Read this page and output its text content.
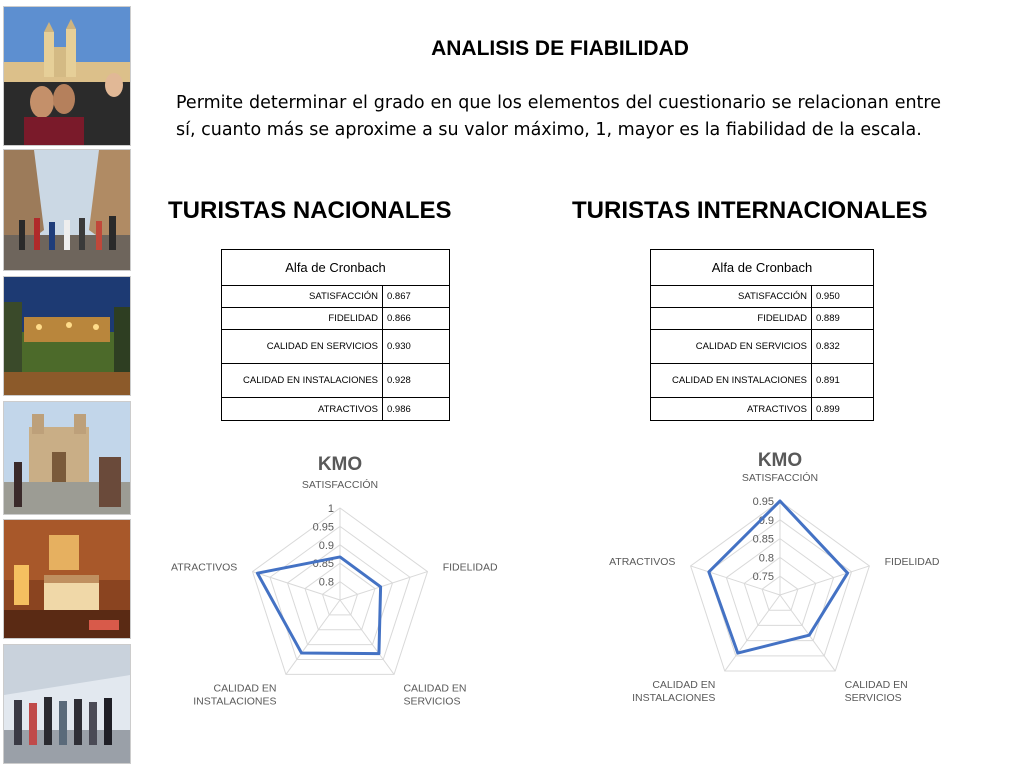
ANALISIS DE FIABILIDAD
Permite determinar el grado en que los elementos del cuestionario se relacionan entre sí, cuanto más se aproxime a su valor máximo, 1, mayor es la fiabilidad de la escala.
TURISTAS NACIONALES	TURISTAS INTERNACIONALES
Alfa de Cronbach	
SATISFACCIÓN	0.867
FIDELIDAD	0.866
CALIDAD EN SERVICIOS	0.930
CALIDAD EN INSTALACIONES	0.928
ATRACTIVOS	0.986
Alfa de Cronbach	
SATISFACCIÓN	0.950
FIDELIDAD	0.889
CALIDAD EN SERVICIOS	0.832
CALIDAD EN INSTALACIONES	0.891
ATRACTIVOS	0.899
KMO
0.8
0.85
0.9
0.95
1
SATISFACCIÓN
FIDELIDAD
CALIDAD EN SERVICIOS
CALIDAD EN INSTALACIONES
ATRACTIVOS
KMO
0.75
0.8
0.85
0.9
0.95
SATISFACCIÓN
FIDELIDAD
CALIDAD EN SERVICIOS
CALIDAD EN INSTALACIONES
ATRACTIVOS
